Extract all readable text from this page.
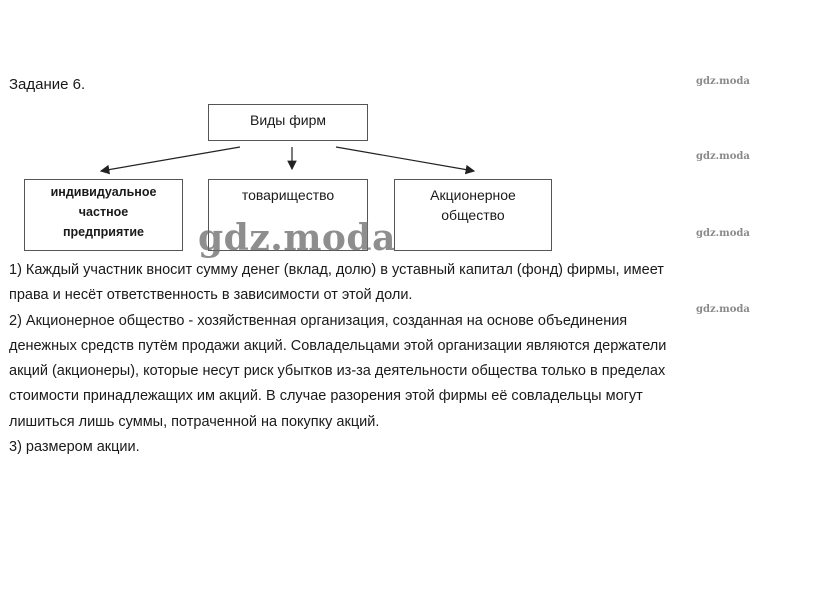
Задание 6.	gdz.moda
gdz.moda
gdz.moda
gdz.moda
Виды фирм
индивидуальное
частное
предприятие
товарищество	Акционерное
общество
gdz.moda
1) Каждый участник вносит сумму денег (вклад, долю) в уставный капитал (фонд) фирмы, имеет
права и несёт ответственность в зависимости от этой доли.
2) Акционерное общество - хозяйственная организация, созданная на основе объединения
денежных средств путём продажи акций. Совладельцами этой организации являются держатели
акций (акционеры), которые несут риск убытков из-за деятельности общества только в пределах
стоимости принадлежащих им акций. В случае разорения этой фирмы её совладельцы могут
лишиться лишь суммы, потраченной на покупку акций.
3) размером акции.
